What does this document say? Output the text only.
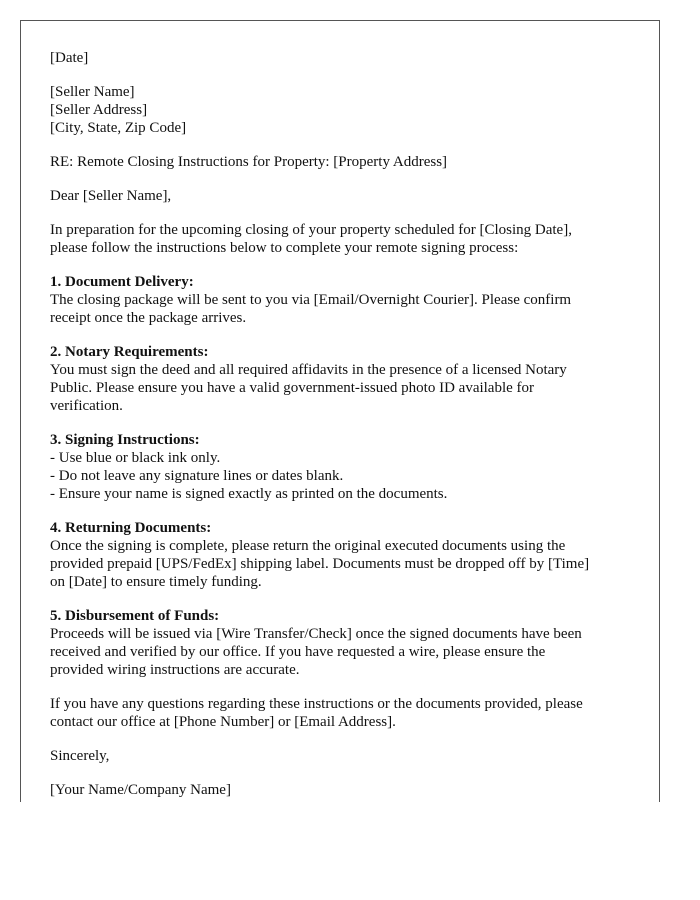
[Date]
[Seller Name]
[Seller Address]
[City, State, Zip Code]
RE: Remote Closing Instructions for Property: [Property Address]
Dear [Seller Name],
In preparation for the upcoming closing of your property scheduled for [Closing Date],
please follow the instructions below to complete your remote signing process:
1. Document Delivery:
The closing package will be sent to you via [Email/Overnight Courier]. Please confirm
receipt once the package arrives.
2. Notary Requirements:
You must sign the deed and all required affidavits in the presence of a licensed Notary
Public. Please ensure you have a valid government-issued photo ID available for
verification.
3. Signing Instructions:
- Use blue or black ink only.
- Do not leave any signature lines or dates blank.
- Ensure your name is signed exactly as printed on the documents.
4. Returning Documents:
Once the signing is complete, please return the original executed documents using the
provided prepaid [UPS/FedEx] shipping label. Documents must be dropped off by [Time]
on [Date] to ensure timely funding.
5. Disbursement of Funds:
Proceeds will be issued via [Wire Transfer/Check] once the signed documents have been
received and verified by our office. If you have requested a wire, please ensure the
provided wiring instructions are accurate.
If you have any questions regarding these instructions or the documents provided, please
contact our office at [Phone Number] or [Email Address].
Sincerely,
[Your Name/Company Name]
